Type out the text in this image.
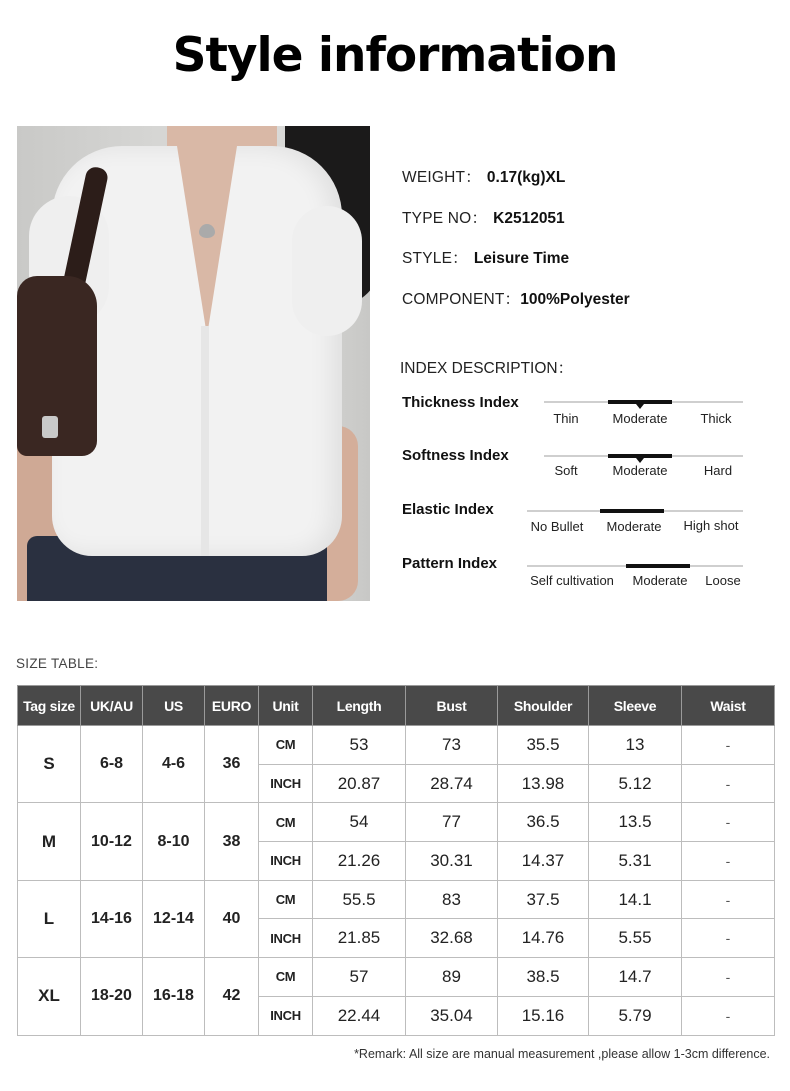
Style information
WEIGHT： 0.17(kg)XL
TYPE NO： K2512051
STYLE： Leisure Time
COMPONENT：100%Polyester
INDEX DESCRIPTION：
Thickness Index
Thin	Moderate	Thick
Softness Index
Soft	Moderate	Hard
Elastic Index
No Bullet	Moderate	High shot
Pattern Index
Self cultivation	Moderate	Loose
SIZE TABLE:
Tag size	UK/AU	US	EURO	Unit	Length	Bust	Shoulder	Sleeve	Waist
S	6-8	4-6	36	CM	53	73	35.5	13	-
				INCH	20.87	28.74	13.98	5.12	-
M	10-12	8-10	38	CM	54	77	36.5	13.5	-
				INCH	21.26	30.31	14.37	5.31	-
L	14-16	12-14	40	CM	55.5	83	37.5	14.1	-
				INCH	21.85	32.68	14.76	5.55	-
XL	18-20	16-18	42	CM	57	89	38.5	14.7	-
				INCH	22.44	35.04	15.16	5.79	-
*Remark: All size are manual measurement ,please allow 1-3cm difference.
